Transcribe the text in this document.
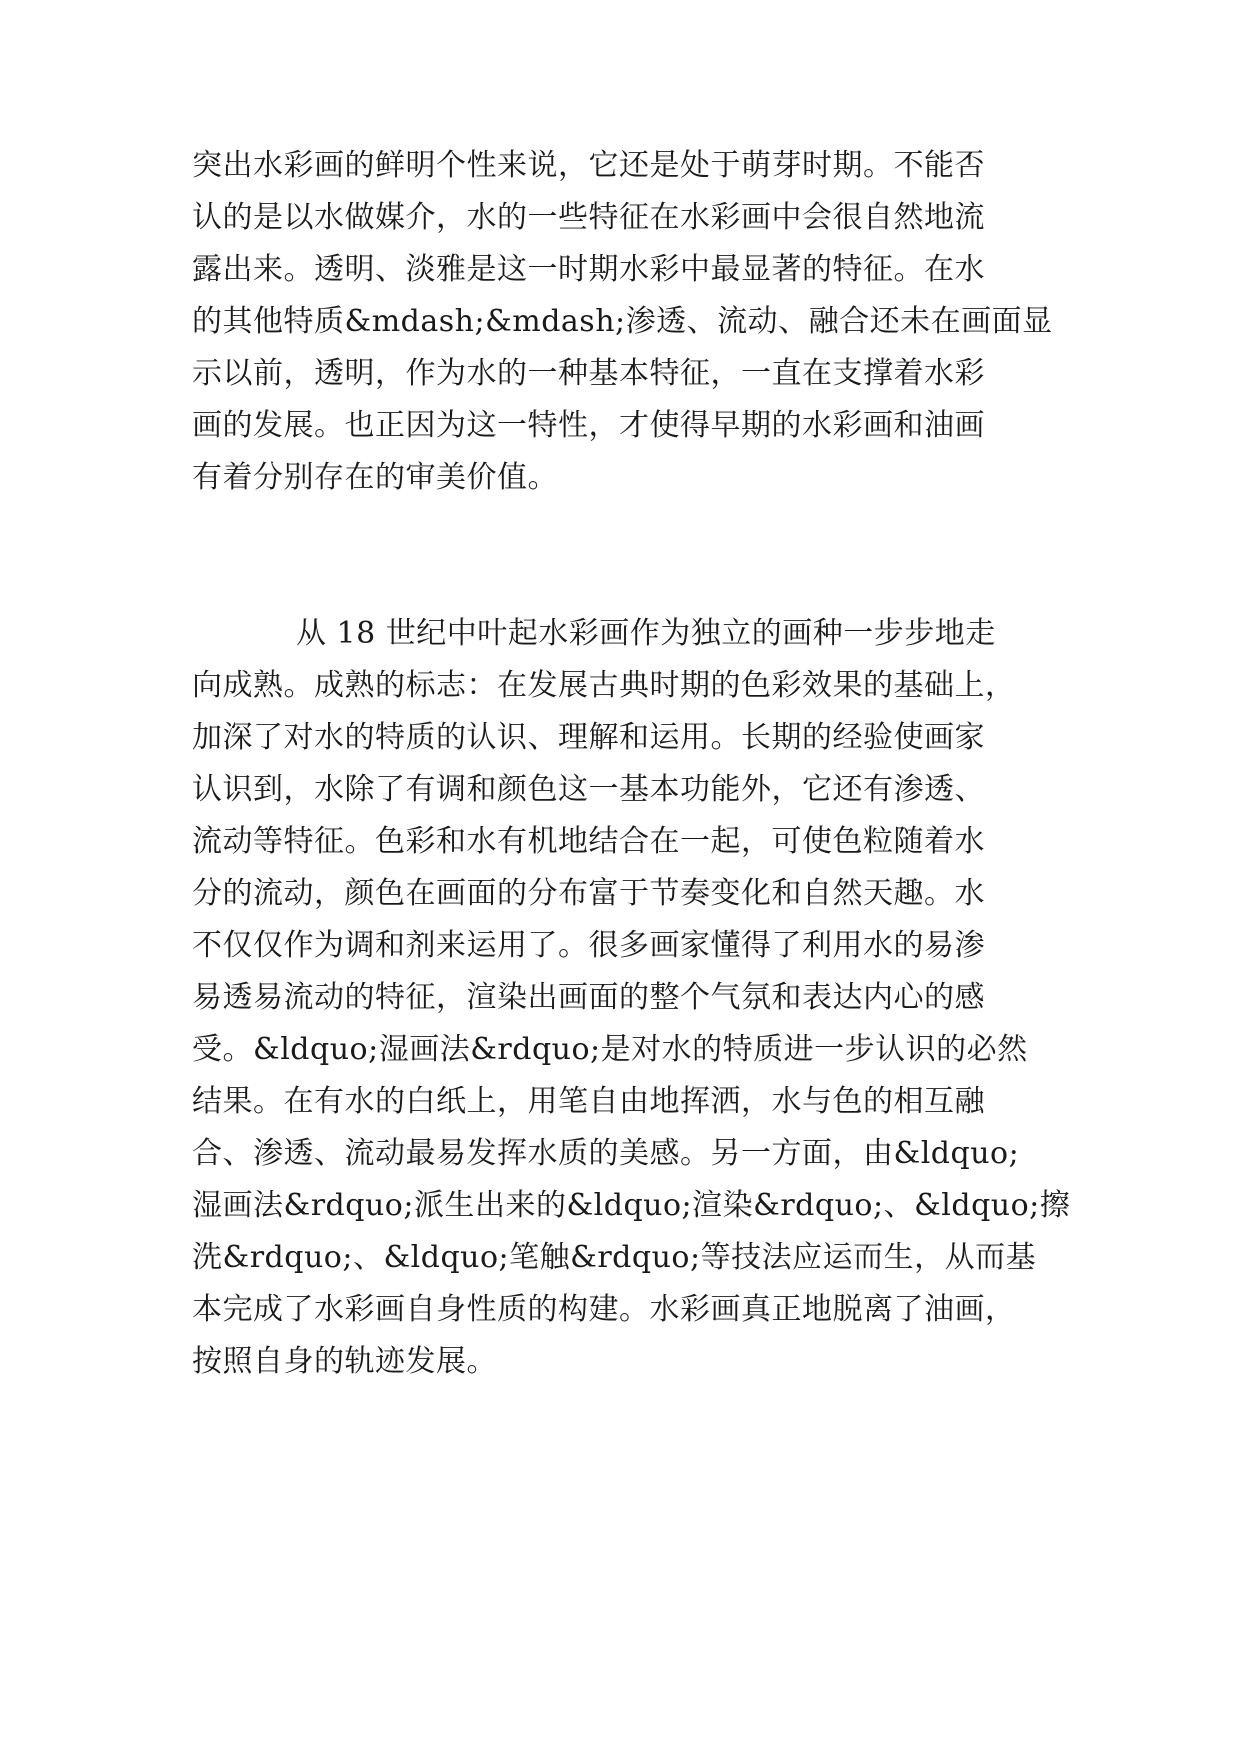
突出水彩画的鲜明个性来说，它还是处于萌芽时期。不能否
认的是以水做媒介，水的一些特征在水彩画中会很自然地流
露出来。透明、淡雅是这一时期水彩中最显著的特征。在水
的其他特质&mdash;&mdash;渗透、流动、融合还未在画面显
示以前，透明，作为水的一种基本特征，一直在支撑着水彩
画的发展。也正因为这一特性，才使得早期的水彩画和油画
有着分别存在的审美价值。
从 18 世纪中叶起水彩画作为独立的画种一步步地走
向成熟。成熟的标志：在发展古典时期的色彩效果的基础上，
加深了对水的特质的认识、理解和运用。长期的经验使画家
认识到，水除了有调和颜色这一基本功能外，它还有渗透、
流动等特征。色彩和水有机地结合在一起，可使色粒随着水
分的流动，颜色在画面的分布富于节奏变化和自然天趣。水
不仅仅作为调和剂来运用了。很多画家懂得了利用水的易渗
易透易流动的特征，渲染出画面的整个气氛和表达内心的感
受。&ldquo;湿画法&rdquo;是对水的特质进一步认识的必然
结果。在有水的白纸上，用笔自由地挥洒，水与色的相互融
合、渗透、流动最易发挥水质的美感。另一方面，由&ldquo;
湿画法&rdquo;派生出来的&ldquo;渲染&rdquo;、&ldquo;擦
洗&rdquo;、&ldquo;笔触&rdquo;等技法应运而生，从而基
本完成了水彩画自身性质的构建。水彩画真正地脱离了油画，
按照自身的轨迹发展。
